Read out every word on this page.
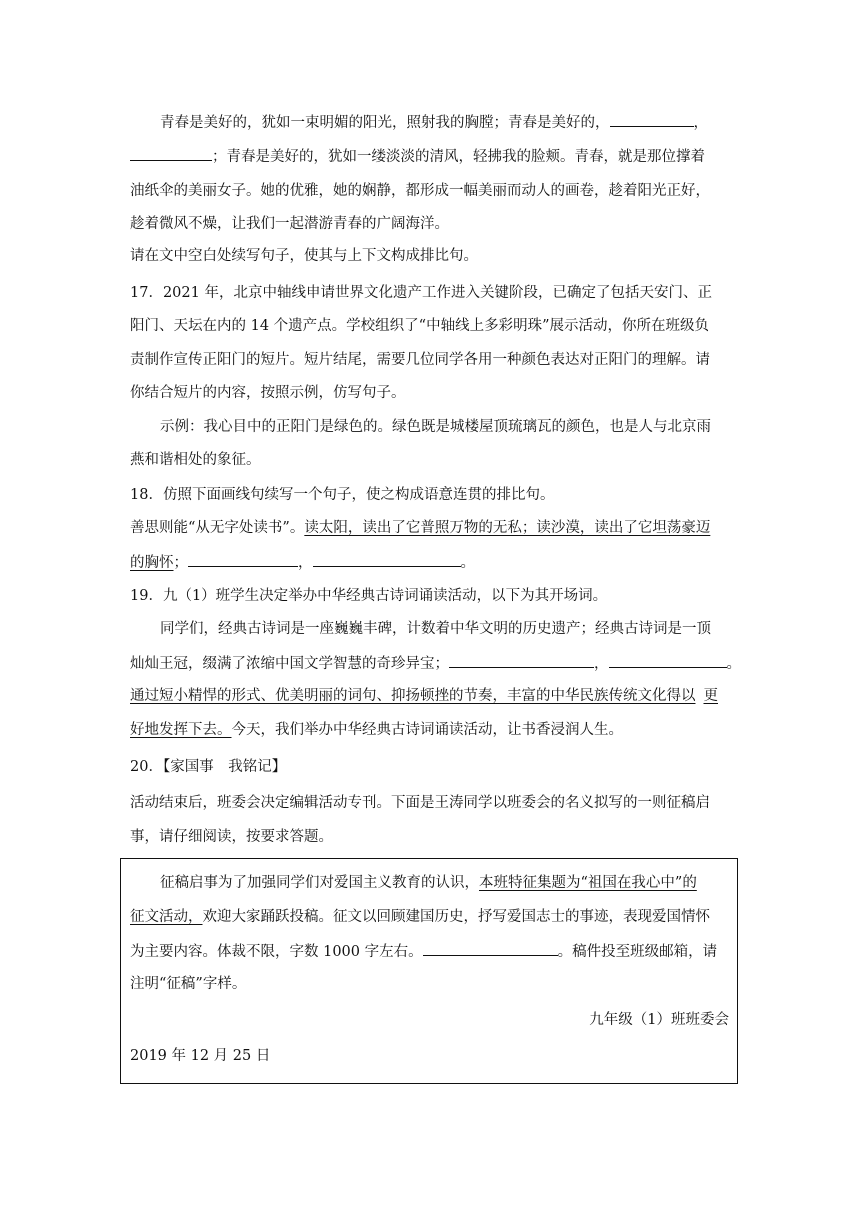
青春是美好的，犹如一束明媚的阳光，照射我的胸膛；青春是美好的，	，
；青春是美好的，犹如一缕淡淡的清风，轻拂我的脸颊。青春，就是那位撑着
油纸伞的美丽女子。她的优雅，她的娴静，都形成一幅美丽而动人的画卷，趁着阳光正好，
趁着微风不燥，让我们一起潜游青春的广阔海洋。
请在文中空白处续写句子，使其与上下文构成排比句。
17．2021 年，北京中轴线申请世界文化遗产工作进入关键阶段，已确定了包括天安门、正
阳门、天坛在内的 14 个遗产点。学校组织了“中轴线上多彩明珠”展示活动，你所在班级负
责制作宣传正阳门的短片。短片结尾，需要几位同学各用一种颜色表达对正阳门的理解。请
你结合短片的内容，按照示例，仿写句子。
示例：我心目中的正阳门是绿色的。绿色既是城楼屋顶琉璃瓦的颜色，也是人与北京雨
燕和谐相处的象征。
18．仿照下面画线句续写一个句子，使之构成语意连贯的排比句。
善思则能“从无字处读书”。读太阳，读出了它普照万物的无私；读沙漠，读出了它坦荡豪迈
的胸怀；	，	。
19．九（1）班学生决定举办中华经典古诗词诵读活动，以下为其开场词。
同学们，经典古诗词是一座巍巍丰碑，计数着中华文明的历史遗产；经典古诗词是一顶
灿灿王冠，缀满了浓缩中国文学智慧的奇珍异宝；	，	。
通过短小精悍的形式、优美明丽的词句、抑扬顿挫的节奏，丰富的中华民族传统文化得以 更
好地发挥下去。今天，我们举办中华经典古诗词诵读活动，让书香浸润人生。
20．【家国事　我铭记】
活动结束后，班委会决定编辑活动专刊。下面是王涛同学以班委会的名义拟写的一则征稿启
事，请仔细阅读，按要求答题。
征稿启事为了加强同学们对爱国主义教育的认识，本班特征集题为“祖国在我心中”的
征文活动，欢迎大家踊跃投稿。征文以回顾建国历史，抒写爱国志士的事迹，表现爱国情怀
为主要内容。体裁不限，字数 1000 字左右。	。稿件投至班级邮箱，请
注明“征稿”字样。
九年级（1）班班委会
2019 年 12 月 25 日
